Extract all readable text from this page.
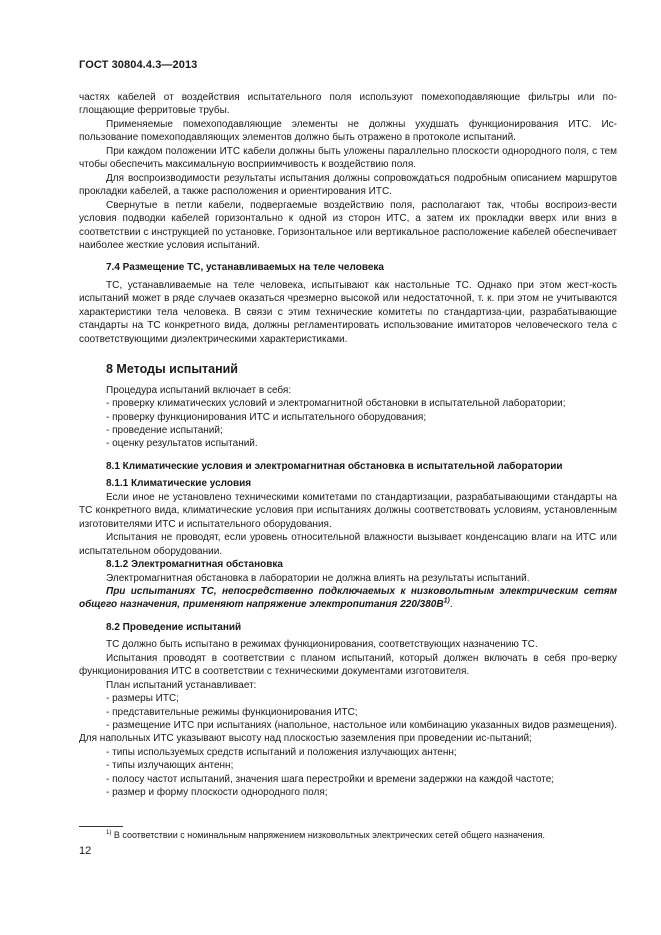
ГОСТ 30804.4.3—2013

частях кабелей от воздействия испытательного поля используют помехоподавляющие фильтры или по-глощающие ферритовые трубы.

Применяемые помехоподавляющие элементы не должны ухудшать функционирования ИТС. Ис-пользование помехоподавляющих элементов должно быть отражено в протоколе испытаний.

При каждом положении ИТС кабели должны быть уложены параллельно плоскости однородного поля, с тем чтобы обеспечить максимальную восприимчивость к воздействию поля.

Для воспроизводимости результаты испытания должны сопровождаться подробным описанием маршрутов прокладки кабелей, а также расположения и ориентирования ИТС.

Свернутые в петли кабели, подвергаемые воздействию поля, располагают так, чтобы воспроиз-вести условия подводки кабелей горизонтально к одной из сторон ИТС, а затем их прокладки вверх или вниз в соответствии с инструкцией по установке. Горизонтальное или вертикальное расположение кабелей обеспечивает наиболее жесткие условия испытаний.

7.4 Размещение ТС, устанавливаемых на теле человека

ТС, устанавливаемые на теле человека, испытывают как настольные ТС. Однако при этом жест-кость испытаний может в ряде случаев оказаться чрезмерно высокой или недостаточной, т. к. при этом не учитываются характеристики тела человека. В связи с этим технические комитеты по стандартиза-ции, разрабатывающие стандарты на ТС конкретного вида, должны регламентировать использование имитаторов человеческого тела с соответствующими диэлектрическими характеристиками.

8 Методы испытаний

Процедура испытаний включает в себя:

- проверку климатических условий и электромагнитной обстановки в испытательной лаборатории;

- проверку функционирования ИТС и испытательного оборудования;

- проведение испытаний;

- оценку результатов испытаний.

8.1 Климатические условия и электромагнитная обстановка в испытательной лаборатории

8.1.1 Климатические условия

Если иное не установлено техническими комитетами по стандартизации, разрабатывающими стандарты на ТС конкретного вида, климатические условия при испытаниях должны соответствовать условиям, установленным изготовителями ИТС и испытательного оборудования.

Испытания не проводят, если уровень относительной влажности вызывает конденсацию влаги на ИТС или испытательном оборудовании.

8.1.2 Электромагнитная обстановка

Электромагнитная обстановка в лаборатории не должна влиять на результаты испытаний.

При испытаниях ТС, непосредственно подключаемых к низковольтным электрическим сетям общего назначения, применяют напряжение электропитания $220/380В^{1)}$.

8.2 Проведение испытаний

ТС должно быть испытано в режимах функционирования, соответствующих назначению ТС.

Испытания проводят в соответствии с планом испытаний, который должен включать в себя про-верку функционирования ИТС в соответствии с техническими документами изготовителя.

План испытаний устанавливает:

- размеры ИТС;

- представительные режимы функционирования ИТС;

- размещение ИТС при испытаниях (напольное, настольное или комбинацию указанных видов размещения). Для напольных ИТС указывают высоту над плоскостью заземления при проведении ис-пытаний;

- типы используемых средств испытаний и положения излучающих антенн;

- типы излучающих антенн;

- полосу частот испытаний, значения шага перестройки и времени задержки на каждой частоте;

- размер и форму плоскости однородного поля;

$^{1)}$ В соответствии с номинальным напряжением низковольтных электрических сетей общего назначения.
12
